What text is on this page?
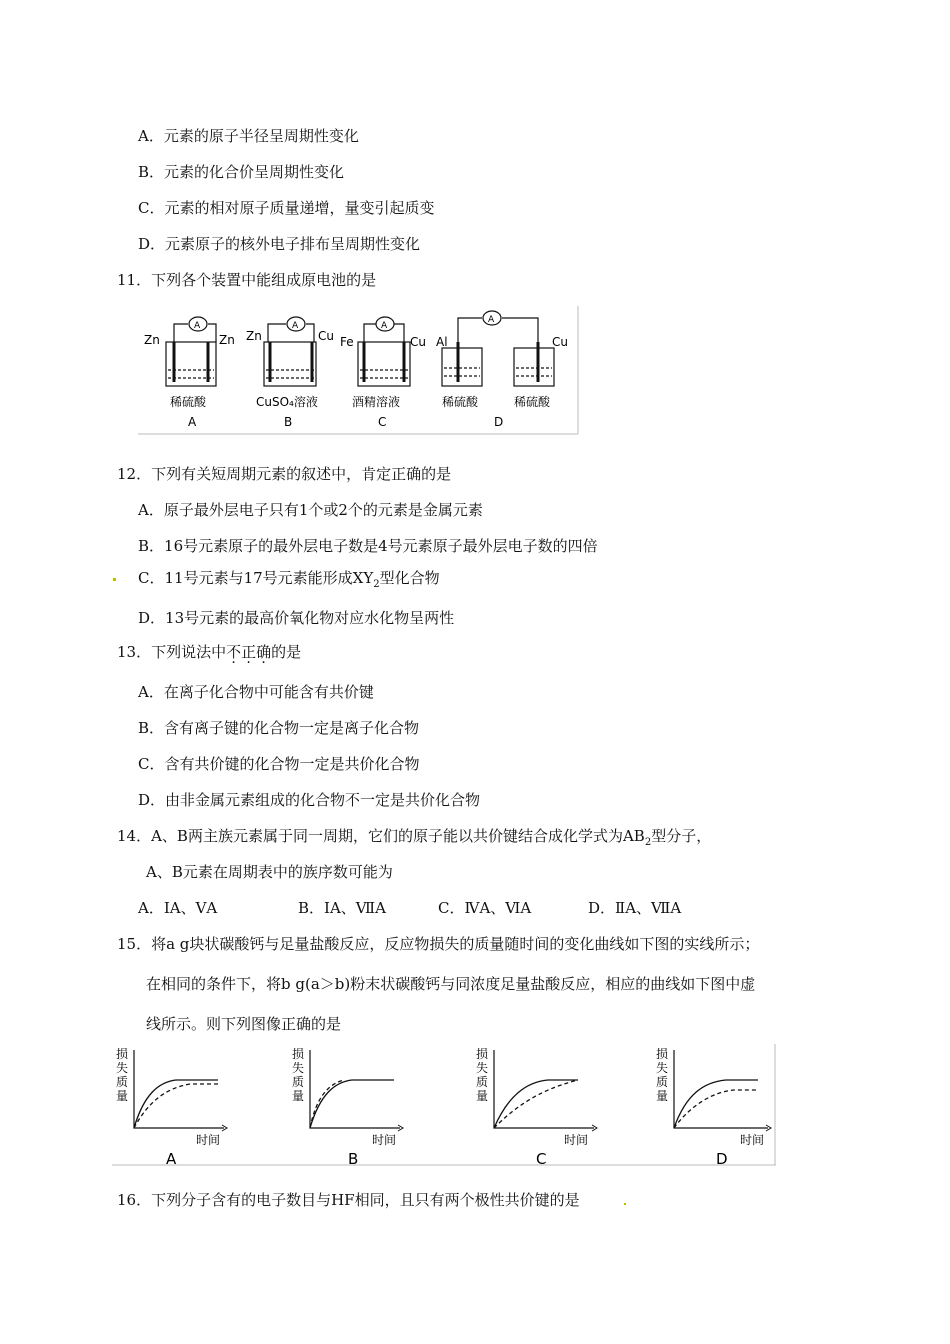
A．元素的原子半径呈周期性变化
B．元素的化合价呈周期性变化
C．元素的相对原子质量递增，量变引起质变
D．元素原子的核外电子排布呈周期性变化
11．下列各个装置中能组成原电池的是
A
Zn	Zn
稀硫酸
A
A
Zn	Cu
CuSO₄溶液
B
A
Fe	Cu
酒精溶液
C
A
Al	Cu
稀硫酸	稀硫酸
D
12．下列有关短周期元素的叙述中，肯定正确的是
A．原子最外层电子只有1个或2个的元素是金属元素
B．16号元素原子的最外层电子数是4号元素原子最外层电子数的四倍
C．11号元素与17号元素能形成$XY_2$型化合物
D．13号元素的最高价氧化物对应水化物呈两性
13．下列说法中不正确的是
A．在离子化合物中可能含有共价键
B．含有离子键的化合物一定是离子化合物
C．含有共价键的化合物一定是共价化合物
D．由非金属元素组成的化合物不一定是共价化合物
14．A、B两主族元素属于同一周期，它们的原子能以共价键结合成化学式为$AB_2$型分子，
A、B元素在周期表中的族序数可能为
A．ⅠA、ⅤA	B．ⅠA、ⅦA	C．ⅣA、ⅥA	D．ⅡA、ⅦA
15．将a g块状碳酸钙与足量盐酸反应，反应物损失的质量随时间的变化曲线如下图的实线所示；
在相同的条件下，将b g(a＞b)粉末状碳酸钙与同浓度足量盐酸反应，相应的曲线如下图中虚
线所示。则下列图像正确的是
损
失
质
量
时间
A
损
失
质
量
时间
B
损
失
质
量
时间
C
损
失
质
量
时间
D
16．下列分子含有的电子数目与HF相同，且只有两个极性共价键的是
